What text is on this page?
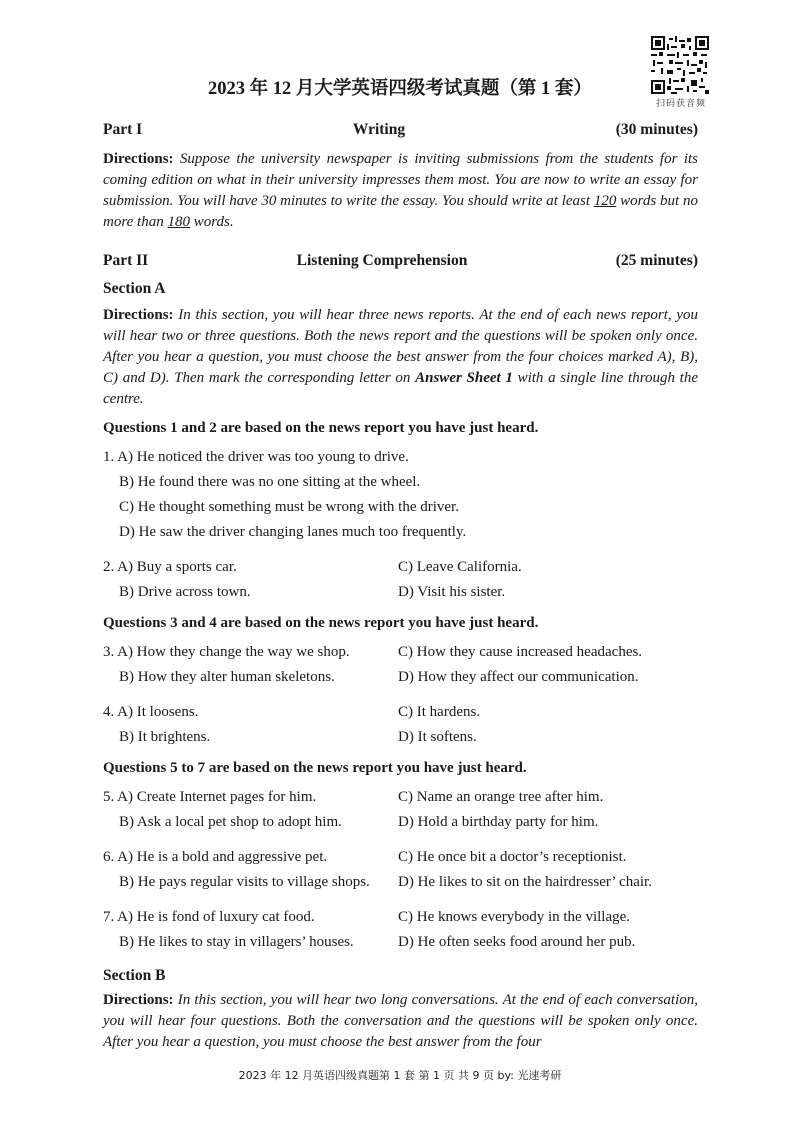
2023 年 12 月大学英语四级考试真题（第 1 套）
扫码获音频
Part I	Writing	(30 minutes)
Directions: Suppose the university newspaper is inviting submissions from the students for its coming edition on what in their university impresses them most. You are now to write an essay for submission. You will have 30 minutes to write the essay. You should write at least 120 words but no more than 180 words.
Part II	Listening Comprehension	(25 minutes)
Section A
Directions: In this section, you will hear three news reports. At the end of each news report, you will hear two or three questions. Both the news report and the questions will be spoken only once. After you hear a question, you must choose the best answer from the four choices marked A), B), C) and D). Then mark the corresponding letter on Answer Sheet 1 with a single line through the centre.
Questions 1 and 2 are based on the news report you have just heard.
1. A) He noticed the driver was too young to drive.
B) He found there was no one sitting at the wheel.
C) He thought something must be wrong with the driver.
D) He saw the driver changing lanes much too frequently.
2. A) Buy a sports car.	C) Leave California.
B) Drive across town.	D) Visit his sister.
Questions 3 and 4 are based on the news report you have just heard.
3. A) How they change the way we shop.	C) How they cause increased headaches.
B) How they alter human skeletons.	D) How they affect our communication.
4. A) It loosens.	C) It hardens.
B) It brightens.	D) It softens.
Questions 5 to 7 are based on the news report you have just heard.
5. A) Create Internet pages for him.	C) Name an orange tree after him.
B) Ask a local pet shop to adopt him.	D) Hold a birthday party for him.
6. A) He is a bold and aggressive pet.	C) He once bit a doctor’s receptionist.
B) He pays regular visits to village shops.	D) He likes to sit on the hairdresser’ chair.
7. A) He is fond of luxury cat food.	C) He knows everybody in the village.
B) He likes to stay in villagers’ houses.	D) He often seeks food around her pub.
Section B
Directions: In this section, you will hear two long conversations. At the end of each conversation, you will hear four questions. Both the conversation and the questions will be spoken only once. After you hear a question, you must choose the best answer from the four
2023 年 12 月英语四级真题第 1 套 第 1 页 共 9 页 by: 光速考研
